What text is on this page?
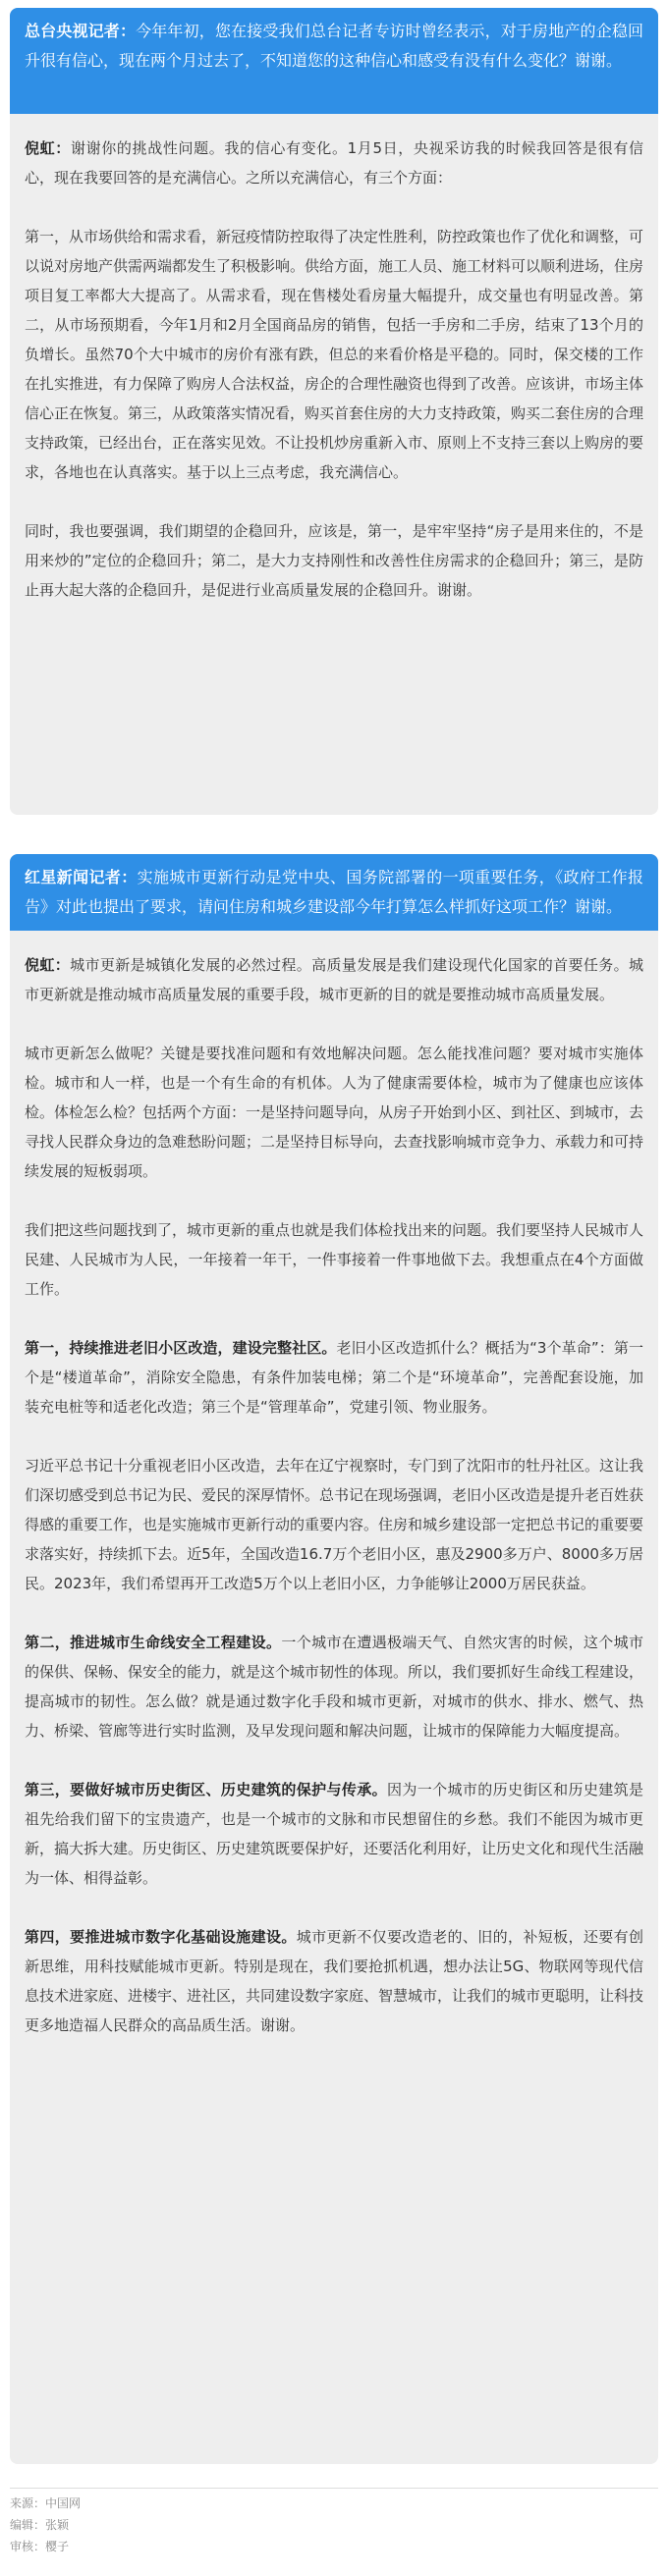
总台央视记者：今年年初，您在接受我们总台记者专访时曾经表示，对于房地产的企稳回升很有信心，现在两个月过去了，不知道您的这种信心和感受有没有什么变化？谢谢。

倪虹：谢谢你的挑战性问题。我的信心有变化。1月5日，央视采访我的时候我回答是很有信心，现在我要回答的是充满信心。之所以充满信心，有三个方面：

第一，从市场供给和需求看，新冠疫情防控取得了决定性胜利，防控政策也作了优化和调整，可以说对房地产供需两端都发生了积极影响。供给方面，施工人员、施工材料可以顺利进场，住房项目复工率都大大提高了。从需求看，现在售楼处看房量大幅提升，成交量也有明显改善。第二，从市场预期看，今年1月和2月全国商品房的销售，包括一手房和二手房，结束了13个月的负增长。虽然70个大中城市的房价有涨有跌，但总的来看价格是平稳的。同时，保交楼的工作在扎实推进，有力保障了购房人合法权益，房企的合理性融资也得到了改善。应该讲，市场主体信心正在恢复。第三，从政策落实情况看，购买首套住房的大力支持政策，购买二套住房的合理支持政策，已经出台，正在落实见效。不让投机炒房重新入市、原则上不支持三套以上购房的要求，各地也在认真落实。基于以上三点考虑，我充满信心。

同时，我也要强调，我们期望的企稳回升，应该是，第一，是牢牢坚持“房子是用来住的，不是用来炒的”定位的企稳回升；第二，是大力支持刚性和改善性住房需求的企稳回升；第三，是防止再大起大落的企稳回升，是促进行业高质量发展的企稳回升。谢谢。

红星新闻记者：实施城市更新行动是党中央、国务院部署的一项重要任务，《政府工作报告》对此也提出了要求，请问住房和城乡建设部今年打算怎么样抓好这项工作？谢谢。

倪虹：城市更新是城镇化发展的必然过程。高质量发展是我们建设现代化国家的首要任务。城市更新就是推动城市高质量发展的重要手段，城市更新的目的就是要推动城市高质量发展。

城市更新怎么做呢？关键是要找准问题和有效地解决问题。怎么能找准问题？要对城市实施体检。城市和人一样，也是一个有生命的有机体。人为了健康需要体检，城市为了健康也应该体检。体检怎么检？包括两个方面：一是坚持问题导向，从房子开始到小区、到社区、到城市，去寻找人民群众身边的急难愁盼问题；二是坚持目标导向，去查找影响城市竞争力、承载力和可持续发展的短板弱项。

我们把这些问题找到了，城市更新的重点也就是我们体检找出来的问题。我们要坚持人民城市人民建、人民城市为人民，一年接着一年干，一件事接着一件事地做下去。我想重点在4个方面做工作。

第一，持续推进老旧小区改造，建设完整社区。老旧小区改造抓什么？概括为“3个革命”：第一个是“楼道革命”，消除安全隐患，有条件加装电梯；第二个是“环境革命”，完善配套设施，加装充电桩等和适老化改造；第三个是“管理革命”，党建引领、物业服务。

习近平总书记十分重视老旧小区改造，去年在辽宁视察时，专门到了沈阳市的牡丹社区。这让我们深切感受到总书记为民、爱民的深厚情怀。总书记在现场强调，老旧小区改造是提升老百姓获得感的重要工作，也是实施城市更新行动的重要内容。住房和城乡建设部一定把总书记的重要要求落实好，持续抓下去。近5年，全国改造16.7万个老旧小区，惠及2900多万户、8000多万居民。2023年，我们希望再开工改造5万个以上老旧小区，力争能够让2000万居民获益。

第二，推进城市生命线安全工程建设。一个城市在遭遇极端天气、自然灾害的时候，这个城市的保供、保畅、保安全的能力，就是这个城市韧性的体现。所以，我们要抓好生命线工程建设，提高城市的韧性。怎么做？就是通过数字化手段和城市更新，对城市的供水、排水、燃气、热力、桥梁、管廊等进行实时监测，及早发现问题和解决问题，让城市的保障能力大幅度提高。

第三，要做好城市历史街区、历史建筑的保护与传承。因为一个城市的历史街区和历史建筑是祖先给我们留下的宝贵遗产，也是一个城市的文脉和市民想留住的乡愁。我们不能因为城市更新，搞大拆大建。历史街区、历史建筑既要保护好，还要活化利用好，让历史文化和现代生活融为一体、相得益彰。

第四，要推进城市数字化基础设施建设。城市更新不仅要改造老的、旧的，补短板，还要有创新思维，用科技赋能城市更新。特别是现在，我们要抢抓机遇，想办法让5G、物联网等现代信息技术进家庭、进楼宇、进社区，共同建设数字家庭、智慧城市，让我们的城市更聪明，让科技更多地造福人民群众的高品质生活。谢谢。

来源：中国网
编辑：张颖
审核：樱子
